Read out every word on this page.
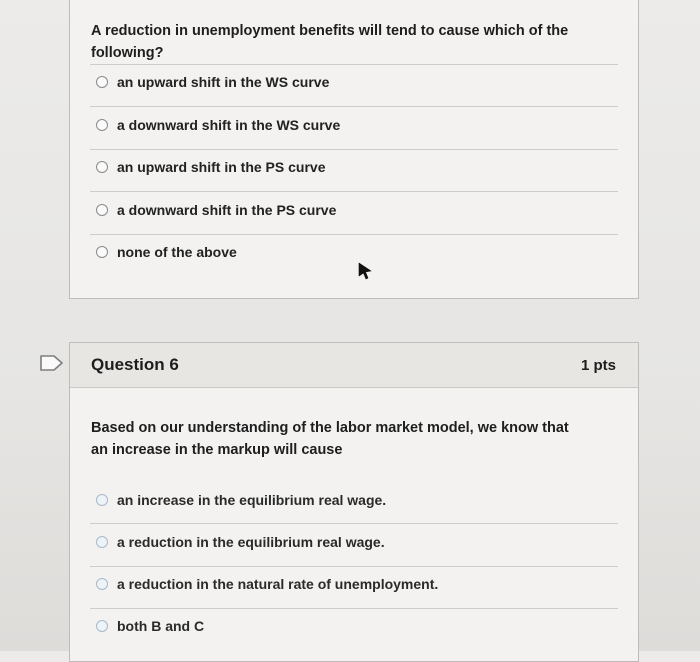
A reduction in unemployment benefits will tend to cause which of the following?
an upward shift in the WS curve
a downward shift in the WS curve
an upward shift in the PS curve
a downward shift in the PS curve
none of the above
Question 6	1 pts
Based on our understanding of the labor market model, we know that an increase in the markup will cause
an increase in the equilibrium real wage.
a reduction in the equilibrium real wage.
a reduction in the natural rate of unemployment.
both B and C
